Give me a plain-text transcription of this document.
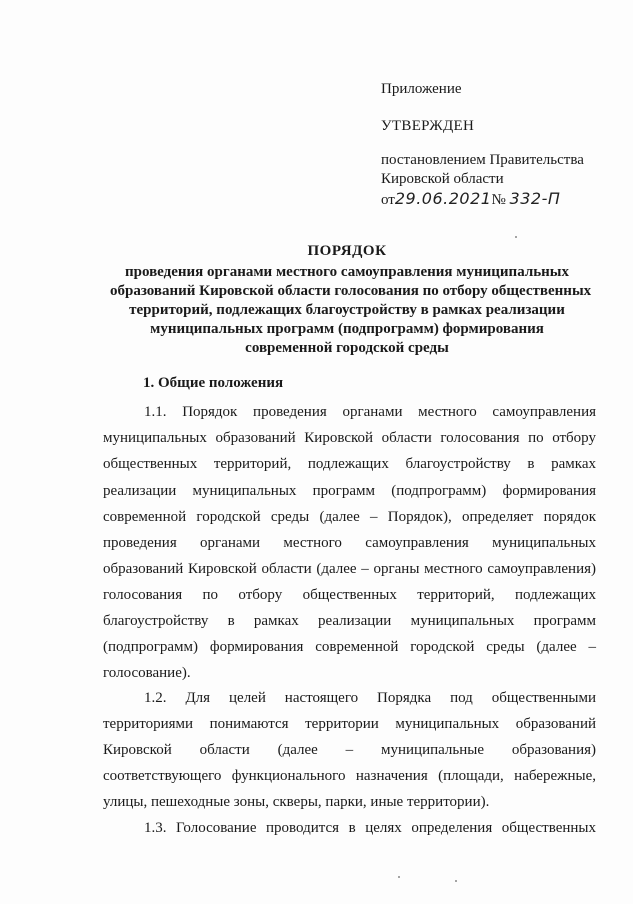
Приложение
УТВЕРЖДЕН
постановлением Правительства
Кировской области
от29.06.2021№ 332-П
ПОРЯДОК
проведения органами местного самоуправления муниципальных
образований Кировской области голосования по отбору общественных
территорий, подлежащих благоустройству в рамках реализации
муниципальных программ (подпрограмм) формирования
современной городской среды
1. Общие положения
1.1. Порядок проведения органами местного самоуправления
муниципальных образований Кировской области голосования по отбору
общественных территорий, подлежащих благоустройству в рамках
реализации муниципальных программ (подпрограмм) формирования
современной городской среды (далее – Порядок), определяет порядок
проведения органами местного самоуправления муниципальных
образований Кировской области (далее – органы местного самоуправления)
голосования по отбору общественных территорий, подлежащих
благоустройству в рамках реализации муниципальных программ
(подпрограмм) формирования современной городской среды (далее –
голосование).
1.2. Для целей настоящего Порядка под общественными
территориями понимаются территории муниципальных образований
Кировской области (далее – муниципальные образования)
соответствующего функционального назначения (площади, набережные,
улицы, пешеходные зоны, скверы, парки, иные территории).
1.3. Голосование проводится в целях определения общественных
